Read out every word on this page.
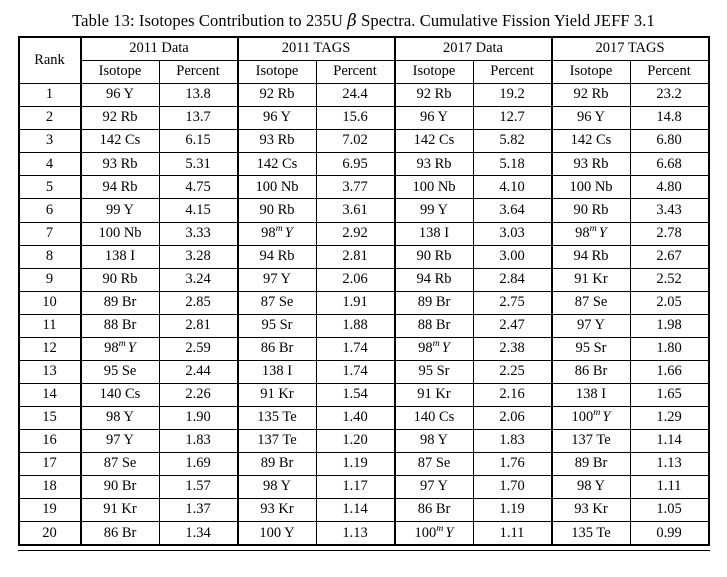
Table 13: Isotopes Contribution to 235U β Spectra. Cumulative Fission Yield JEFF 3.1
Rank	2011 Data		2011 TAGS		2017 Data		2017 TAGS	
	Isotope	Percent	Isotope	Percent	Isotope	Percent	Isotope	Percent
1	96 Y	13.8	92 Rb	24.4	92 Rb	19.2	92 Rb	23.2
2	92 Rb	13.7	96 Y	15.6	96 Y	12.7	96 Y	14.8
3	142 Cs	6.15	93 Rb	7.02	142 Cs	5.82	142 Cs	6.80
4	93 Rb	5.31	142 Cs	6.95	93 Rb	5.18	93 Rb	6.68
5	94 Rb	4.75	100 Nb	3.77	100 Nb	4.10	100 Nb	4.80
6	99 Y	4.15	90 Rb	3.61	99 Y	3.64	90 Rb	3.43
7	100 Nb	3.33	98$^m$ Y	2.92	138 I	3.03	98$^m$ Y	2.78
8	138 I	3.28	94 Rb	2.81	90 Rb	3.00	94 Rb	2.67
9	90 Rb	3.24	97 Y	2.06	94 Rb	2.84	91 Kr	2.52
10	89 Br	2.85	87 Se	1.91	89 Br	2.75	87 Se	2.05
11	88 Br	2.81	95 Sr	1.88	88 Br	2.47	97 Y	1.98
12	98$^m$ Y	2.59	86 Br	1.74	98$^m$ Y	2.38	95 Sr	1.80
13	95 Se	2.44	138 I	1.74	95 Sr	2.25	86 Br	1.66
14	140 Cs	2.26	91 Kr	1.54	91 Kr	2.16	138 I	1.65
15	98 Y	1.90	135 Te	1.40	140 Cs	2.06	100$^m$ Y	1.29
16	97 Y	1.83	137 Te	1.20	98 Y	1.83	137 Te	1.14
17	87 Se	1.69	89 Br	1.19	87 Se	1.76	89 Br	1.13
18	90 Br	1.57	98 Y	1.17	97 Y	1.70	98 Y	1.11
19	91 Kr	1.37	93 Kr	1.14	86 Br	1.19	93 Kr	1.05
20	86 Br	1.34	100 Y	1.13	100$^m$ Y	1.11	135 Te	0.99
